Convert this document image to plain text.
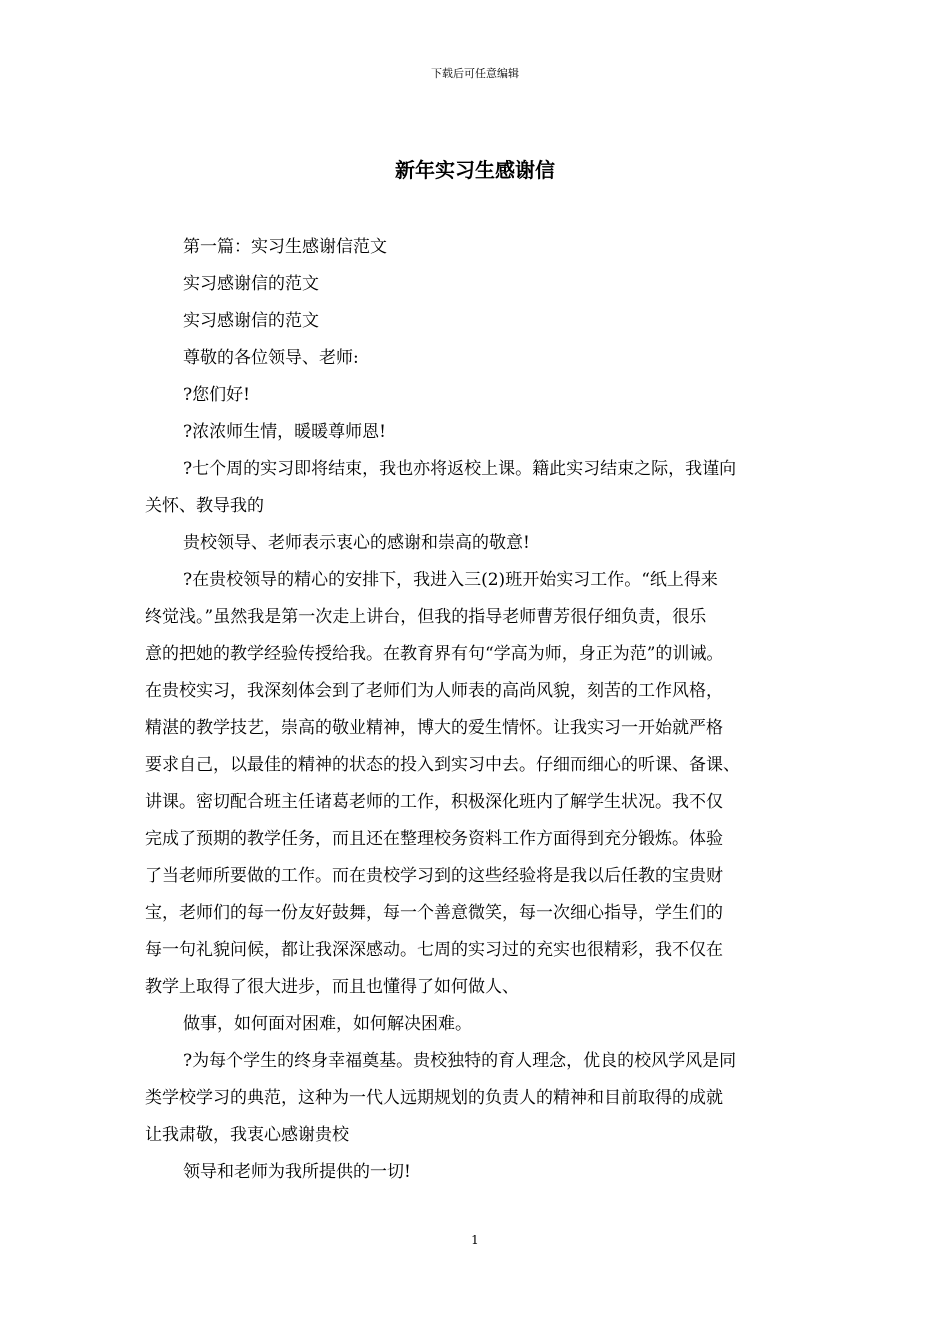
下载后可任意编辑
新年实习生感谢信

第一篇：实习生感谢信范文

实习感谢信的范文

实习感谢信的范文

尊敬的各位领导、老师:

?您们好!

?浓浓师生情，暖暖尊师恩!

?七个周的实习即将结束，我也亦将返校上课。籍此实习结束之际，我谨向

关怀、教导我的

贵校领导、老师表示衷心的感谢和崇高的敬意!

?在贵校领导的精心的安排下，我进入三(2)班开始实习工作。“纸上得来

终觉浅。”虽然我是第一次走上讲台，但我的指导老师曹芳很仔细负责，很乐

意的把她的教学经验传授给我。在教育界有句“学高为师，身正为范”的训诫。

在贵校实习，我深刻体会到了老师们为人师表的高尚风貌，刻苦的工作风格，

精湛的教学技艺，崇高的敬业精神，博大的爱生情怀。让我实习一开始就严格

要求自己，以最佳的精神的状态的投入到实习中去。仔细而细心的听课、备课、

讲课。密切配合班主任诸葛老师的工作，积极深化班内了解学生状况。我不仅

完成了预期的教学任务，而且还在整理校务资料工作方面得到充分锻炼。体验

了当老师所要做的工作。而在贵校学习到的这些经验将是我以后任教的宝贵财

宝，老师们的每一份友好鼓舞，每一个善意微笑，每一次细心指导，学生们的

每一句礼貌问候，都让我深深感动。七周的实习过的充实也很精彩，我不仅在

教学上取得了很大进步，而且也懂得了如何做人、

做事，如何面对困难，如何解决困难。

?为每个学生的终身幸福奠基。贵校独特的育人理念，优良的校风学风是同

类学校学习的典范，这种为一代人远期规划的负责人的精神和目前取得的成就

让我肃敬，我衷心感谢贵校

领导和老师为我所提供的一切!

1
